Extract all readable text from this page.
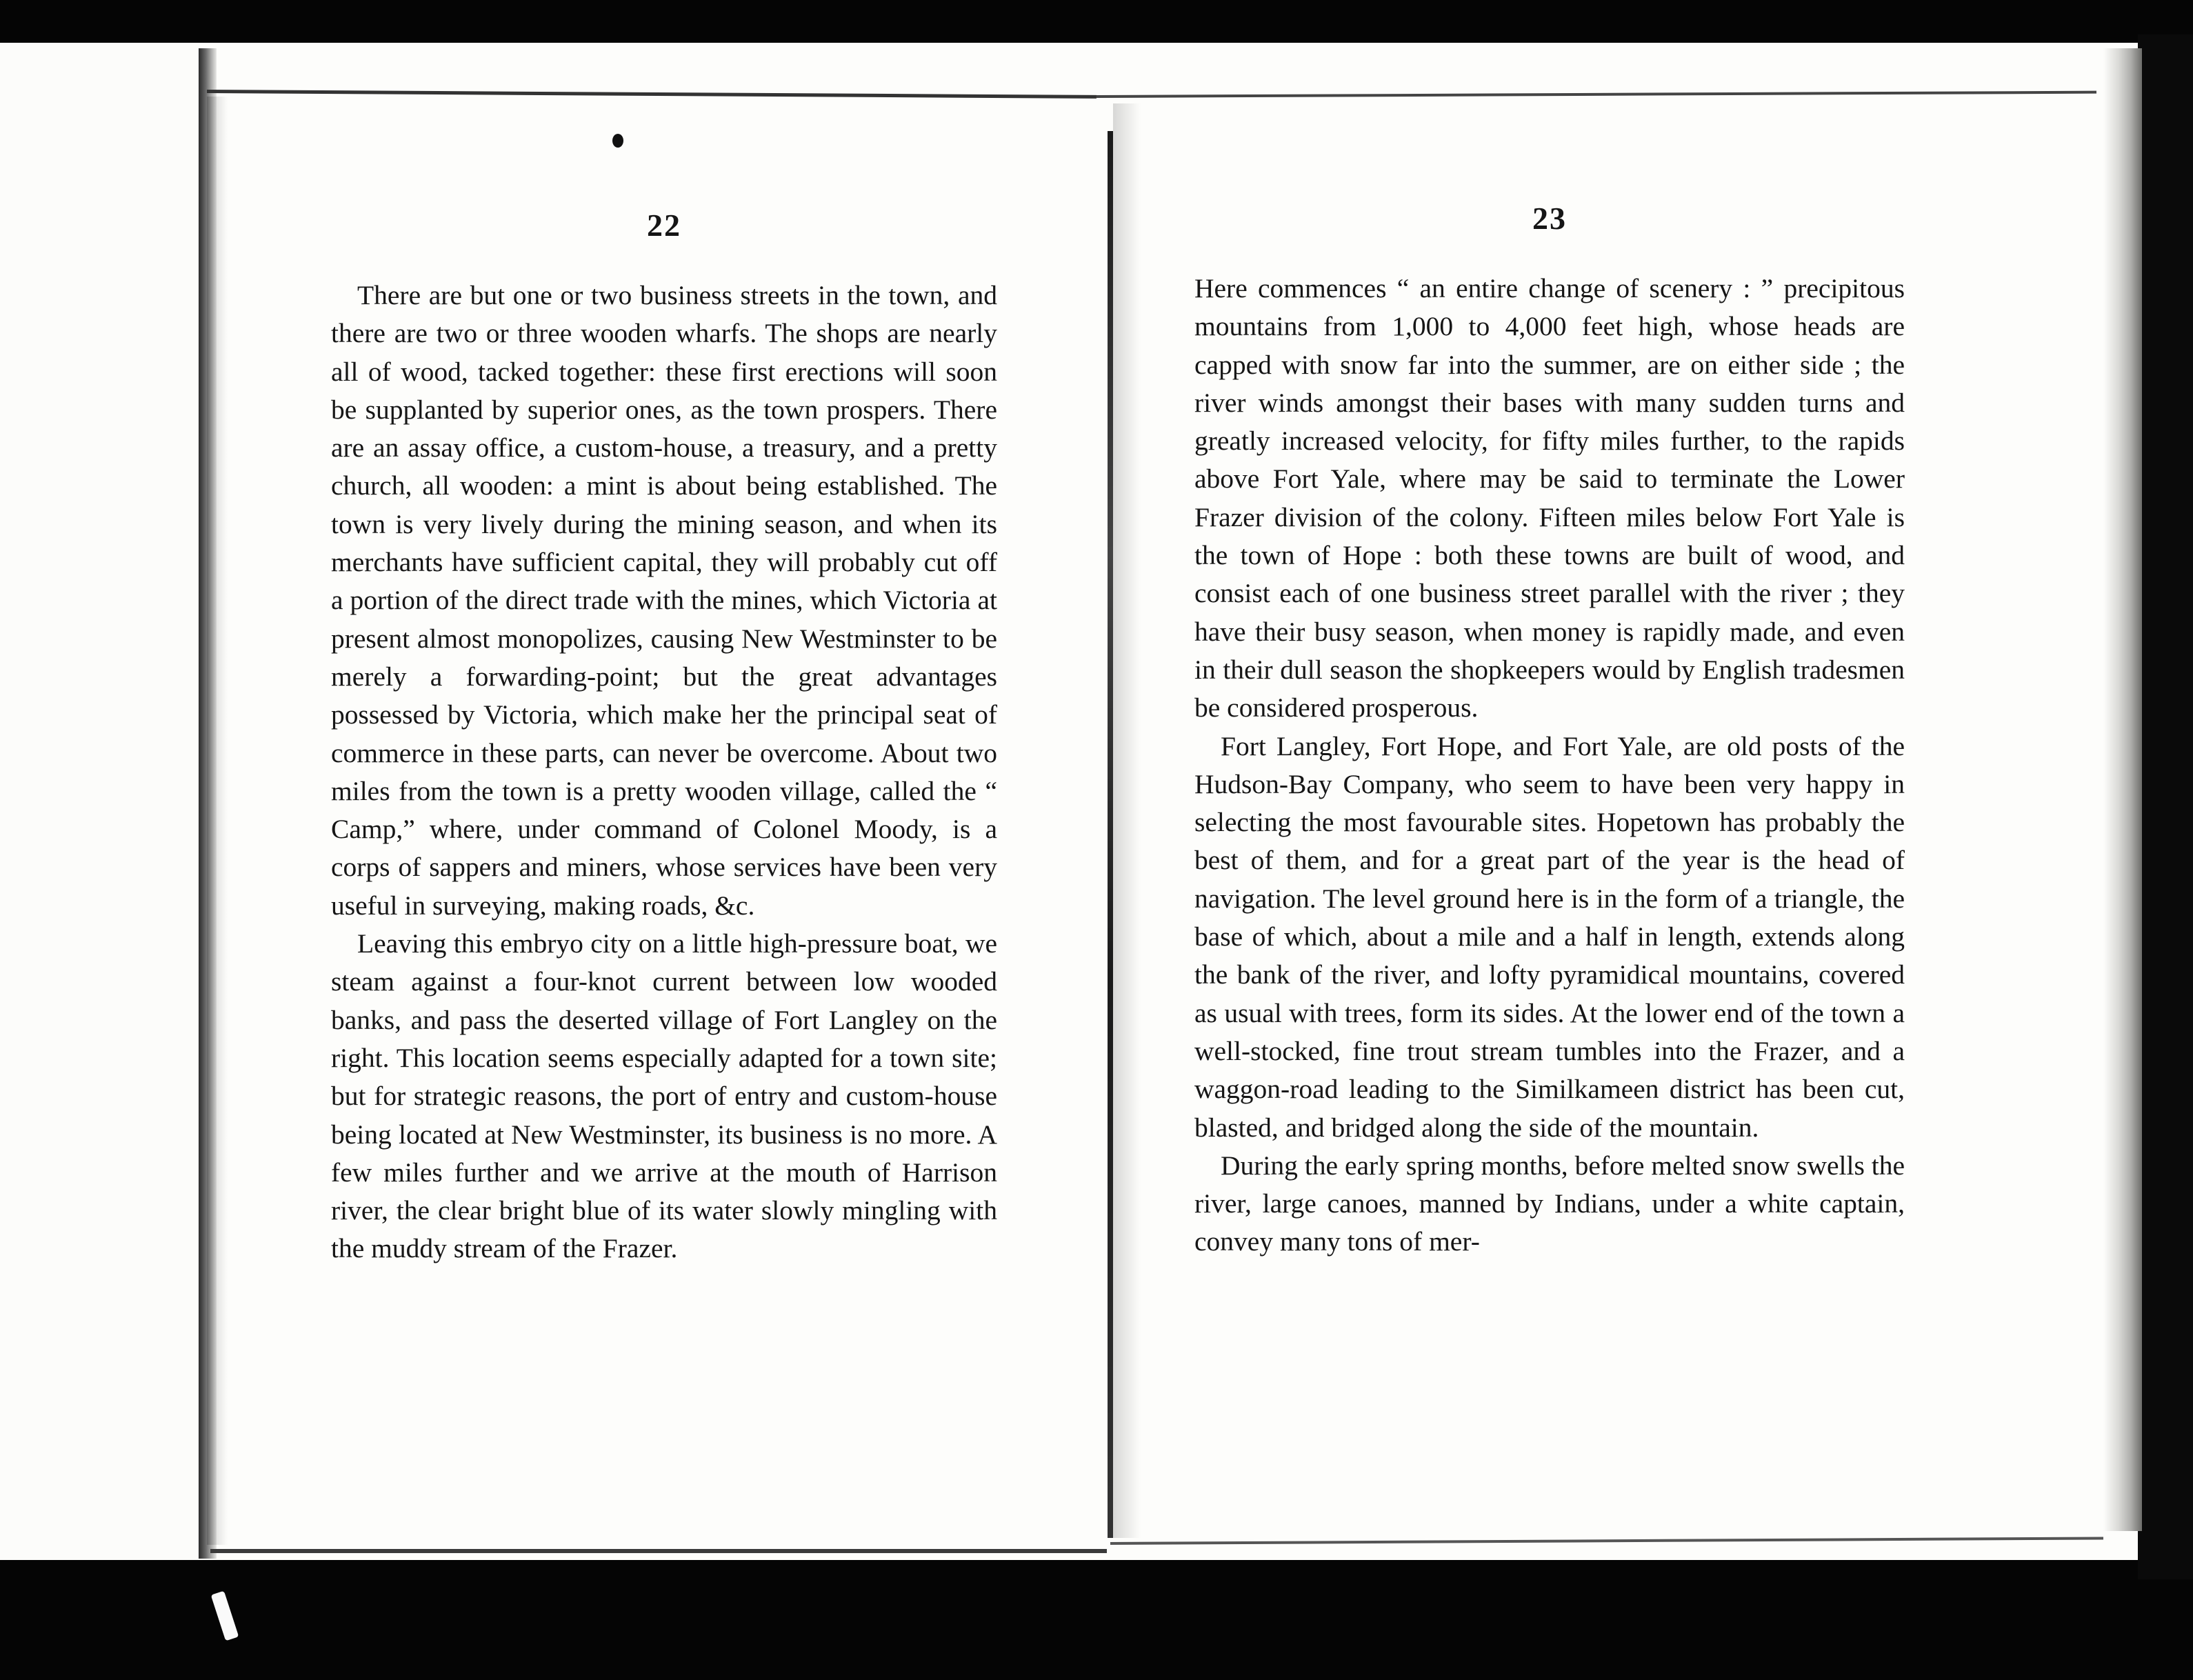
22

There are but one or two business streets in the town, and there are two or three wooden wharfs. The shops are nearly all of wood, tacked together: these first erections will soon be supplanted by superior ones, as the town prospers. There are an assay office, a custom-house, a treasury, and a pretty church, all wooden: a mint is about being established. The town is very lively during the mining season, and when its merchants have sufficient capital, they will probably cut off a portion of the direct trade with the mines, which Victoria at present almost monopolizes, causing New Westminster to be merely a forwarding-point; but the great advantages possessed by Victoria, which make her the principal seat of commerce in these parts, can never be overcome. About two miles from the town is a pretty wooden village, called the “ Camp,” where, under command of Colonel Moody, is a corps of sappers and miners, whose services have been very useful in surveying, making roads, &c.

Leaving this embryo city on a little high-pressure boat, we steam against a four-knot current between low wooded banks, and pass the deserted village of Fort Langley on the right. This location seems especially adapted for a town site; but for strategic reasons, the port of entry and custom-house being located at New Westminster, its business is no more. A few miles further and we arrive at the mouth of Harrison river, the clear bright blue of its water slowly mingling with the muddy stream of the Frazer.

23

Here commences “ an entire change of scenery : ” precipitous mountains from 1,000 to 4,000 feet high, whose heads are capped with snow far into the summer, are on either side ; the river winds amongst their bases with many sudden turns and greatly increased velocity, for fifty miles further, to the rapids above Fort Yale, where may be said to terminate the Lower Frazer division of the colony. Fifteen miles below Fort Yale is the town of Hope : both these towns are built of wood, and consist each of one business street parallel with the river ; they have their busy season, when money is rapidly made, and even in their dull season the shopkeepers would by English tradesmen be considered prosperous.

Fort Langley, Fort Hope, and Fort Yale, are old posts of the Hudson-Bay Company, who seem to have been very happy in selecting the most favourable sites. Hopetown has probably the best of them, and for a great part of the year is the head of navigation. The level ground here is in the form of a triangle, the base of which, about a mile and a half in length, extends along the bank of the river, and lofty pyramidical mountains, covered as usual with trees, form its sides. At the lower end of the town a well-stocked, fine trout stream tumbles into the Frazer, and a waggon-road leading to the Similkameen district has been cut, blasted, and bridged along the side of the mountain.

During the early spring months, before melted snow swells the river, large canoes, manned by Indians, under a white captain, convey many tons of mer-
